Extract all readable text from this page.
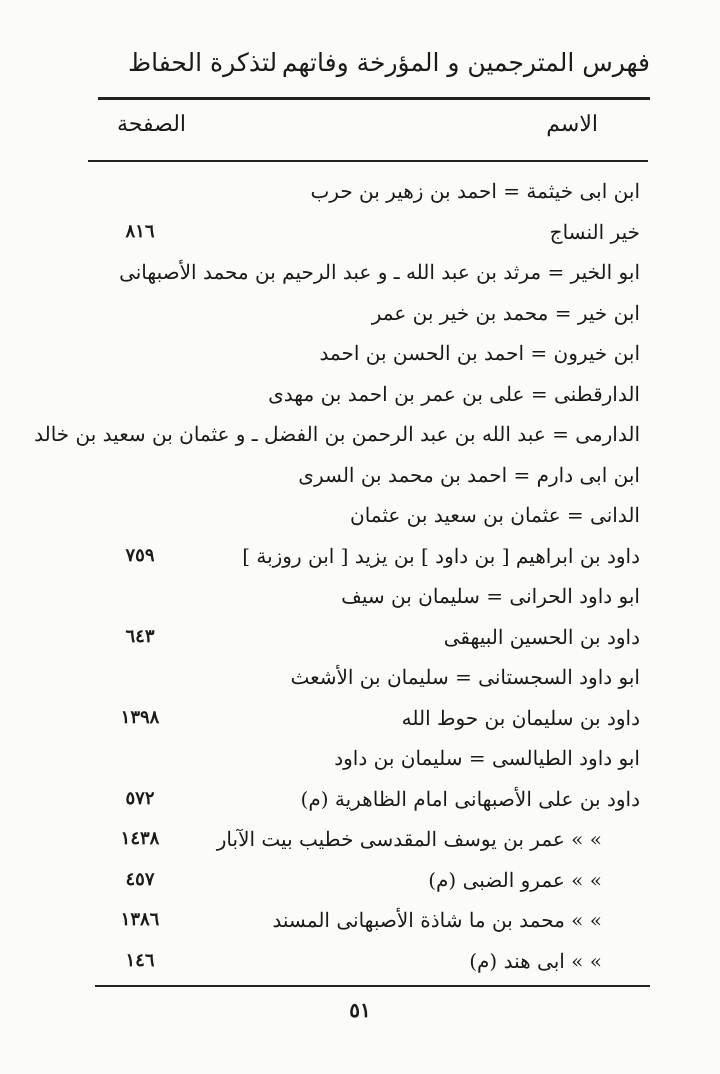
فهرس المترجمين و المؤرخة وفاتهم
لتذكرة الحفاظ
الاسم
الصفحة
ابن ابى خيثمة = احمد بن زهير بن حرب
خير النساج
٨١٦
ابو الخير = مرثد بن عبد الله ـ و عبد الرحيم بن محمد الأصبهانى
ابن خير = محمد بن خير بن عمر
ابن خيرون = احمد بن الحسن بن احمد
الدارقطنى = على بن عمر بن احمد بن مهدى
الدارمى = عبد الله بن عبد الرحمن بن الفضل ـ و عثمان بن سعيد بن خالد
ابن ابى دارم = احمد بن محمد بن السرى
الدانى = عثمان بن سعيد بن عثمان
داود بن ابراهيم [ بن داود ] بن يزيد [ ابن روزبة ]
٧٥٩
ابو داود الحرانى = سليمان بن سيف
داود بن الحسين البيهقى
٦٤٣
ابو داود السجستانى = سليمان بن الأشعث
داود بن سليمان بن حوط الله
١٣٩٨
ابو داود الطيالسى = سليمان بن داود
داود بن على الأصبهانى امام الظاهرية (م)
٥٧٢
» » عمر بن يوسف المقدسى خطيب بيت الآبار
١٤٣٨
» » عمرو الضبى (م)
٤٥٧
» » محمد بن ما شاذة الأصبهانى المسند
١٣٨٦
» » ابى هند (م)
١٤٦
٥١
